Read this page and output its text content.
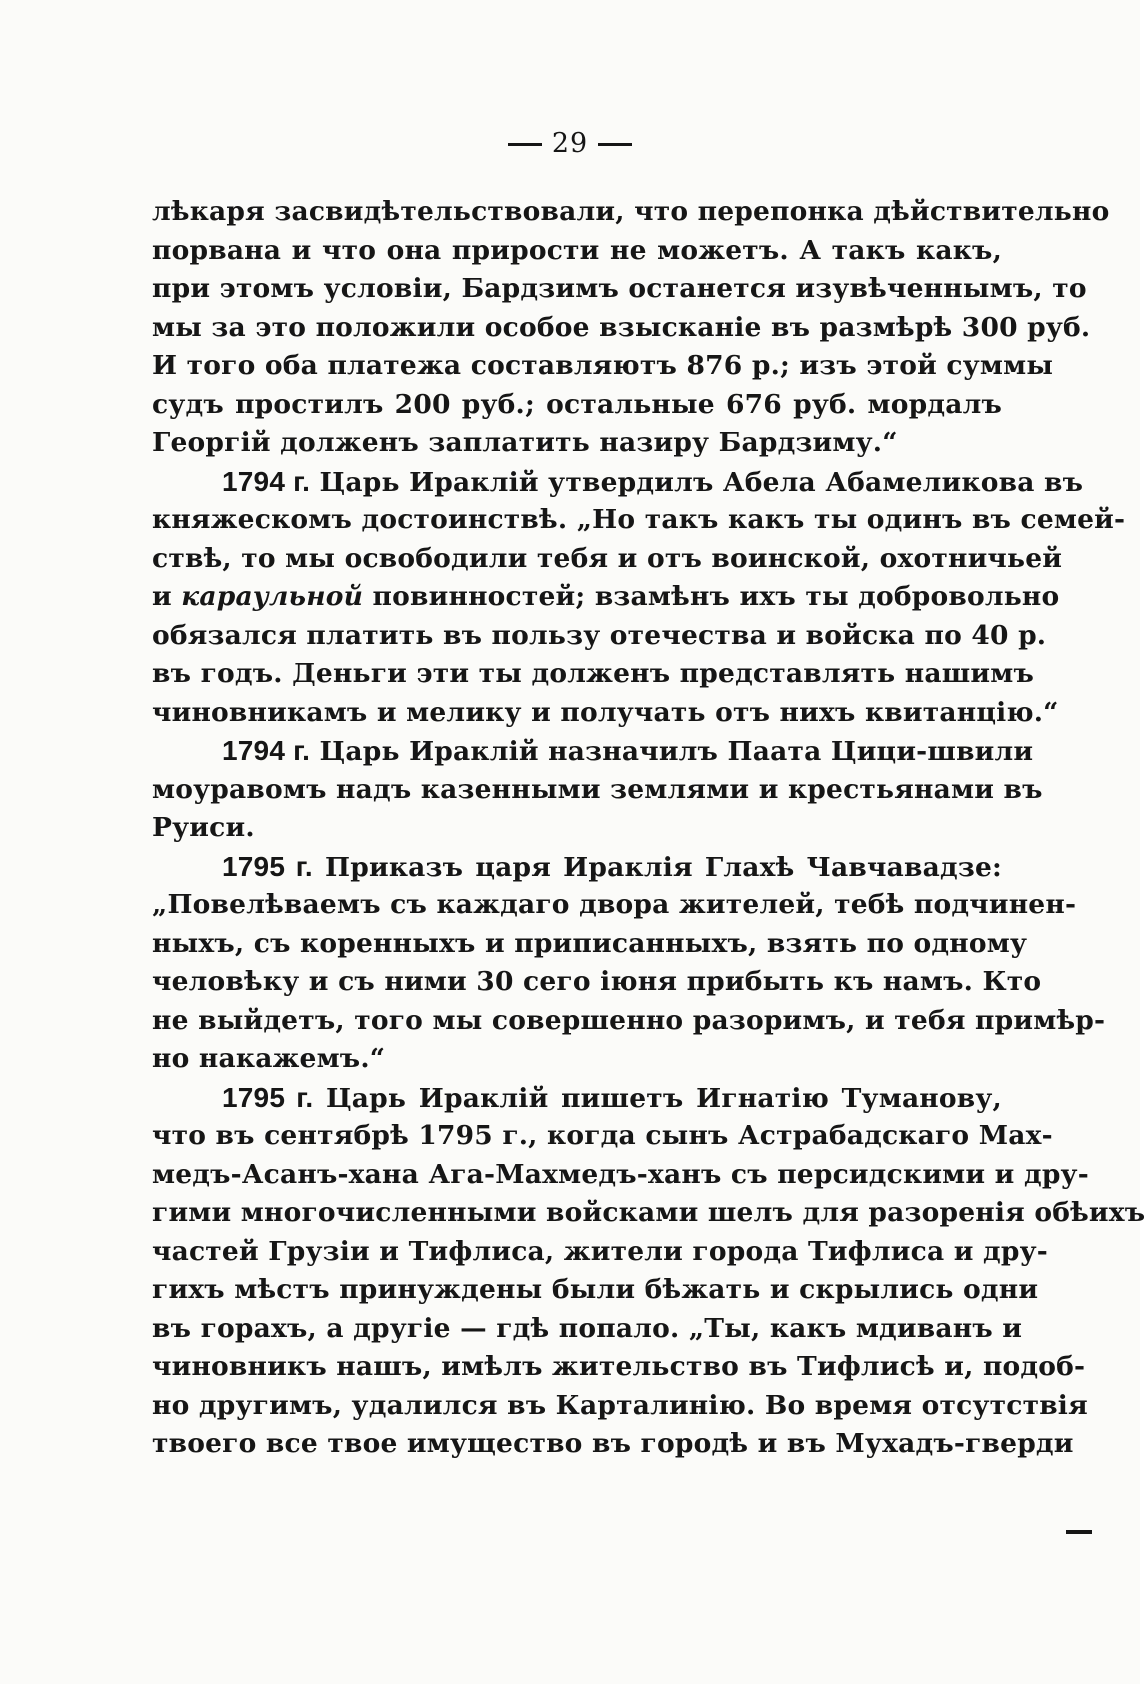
29
лѣкаря засвидѣтельствовали, что перепонка дѣйствительно
порвана и что она прирости не можетъ. А такъ какъ,
при этомъ условіи, Бардзимъ останется изувѣченнымъ, то
мы за это положили особое взысканіе въ размѣрѣ 300 руб.
И того оба платежа составляютъ 876 р.; изъ этой суммы
судъ простилъ 200 руб.; остальные 676 руб. мордалъ
Георгій долженъ заплатить назиру Бардзиму.“
1794 г. Царь Ираклій утвердилъ Абела Абамеликова въ
княжескомъ достоинствѣ. „Но такъ какъ ты одинъ въ семей-
ствѣ, то мы освободили тебя и отъ воинской, охотничьей
и караульной повинностей; взамѣнъ ихъ ты добровольно
обязался платить въ пользу отечества и войска по 40 р.
въ годъ. Деньги эти ты долженъ представлять нашимъ
чиновникамъ и мелику и получать отъ нихъ квитанцію.“
1794 г. Царь Ираклій назначилъ Паата Цици-швили
моуравомъ надъ казенными землями и крестьянами въ
Руиси.
1795 г. Приказъ царя Ираклія Глахѣ Чавчавадзе:
„Повелѣваемъ съ каждаго двора жителей, тебѣ подчинен-
ныхъ, съ коренныхъ и приписанныхъ, взять по одному
человѣку и съ ними 30 сего іюня прибыть къ намъ. Кто
не выйдетъ, того мы совершенно разоримъ, и тебя примѣр-
но накажемъ.“
1795 г. Царь Ираклій пишетъ Игнатію Туманову,
что въ сентябрѣ 1795 г., когда сынъ Астрабадскаго Мах-
медъ-Асанъ-хана Ага-Махмедъ-ханъ съ персидскими и дру-
гими многочисленными войсками шелъ для разоренія обѣихъ
частей Грузіи и Тифлиса, жители города Тифлиса и дру-
гихъ мѣстъ принуждены были бѣжать и скрылись одни
въ горахъ, а другіе — гдѣ попало. „Ты, какъ мдиванъ и
чиновникъ нашъ, имѣлъ жительство въ Тифлисѣ и, подоб-
но другимъ, удалился въ Карталинію. Во время отсутствія
твоего все твое имущество въ городѣ и въ Мухадъ-гверди
